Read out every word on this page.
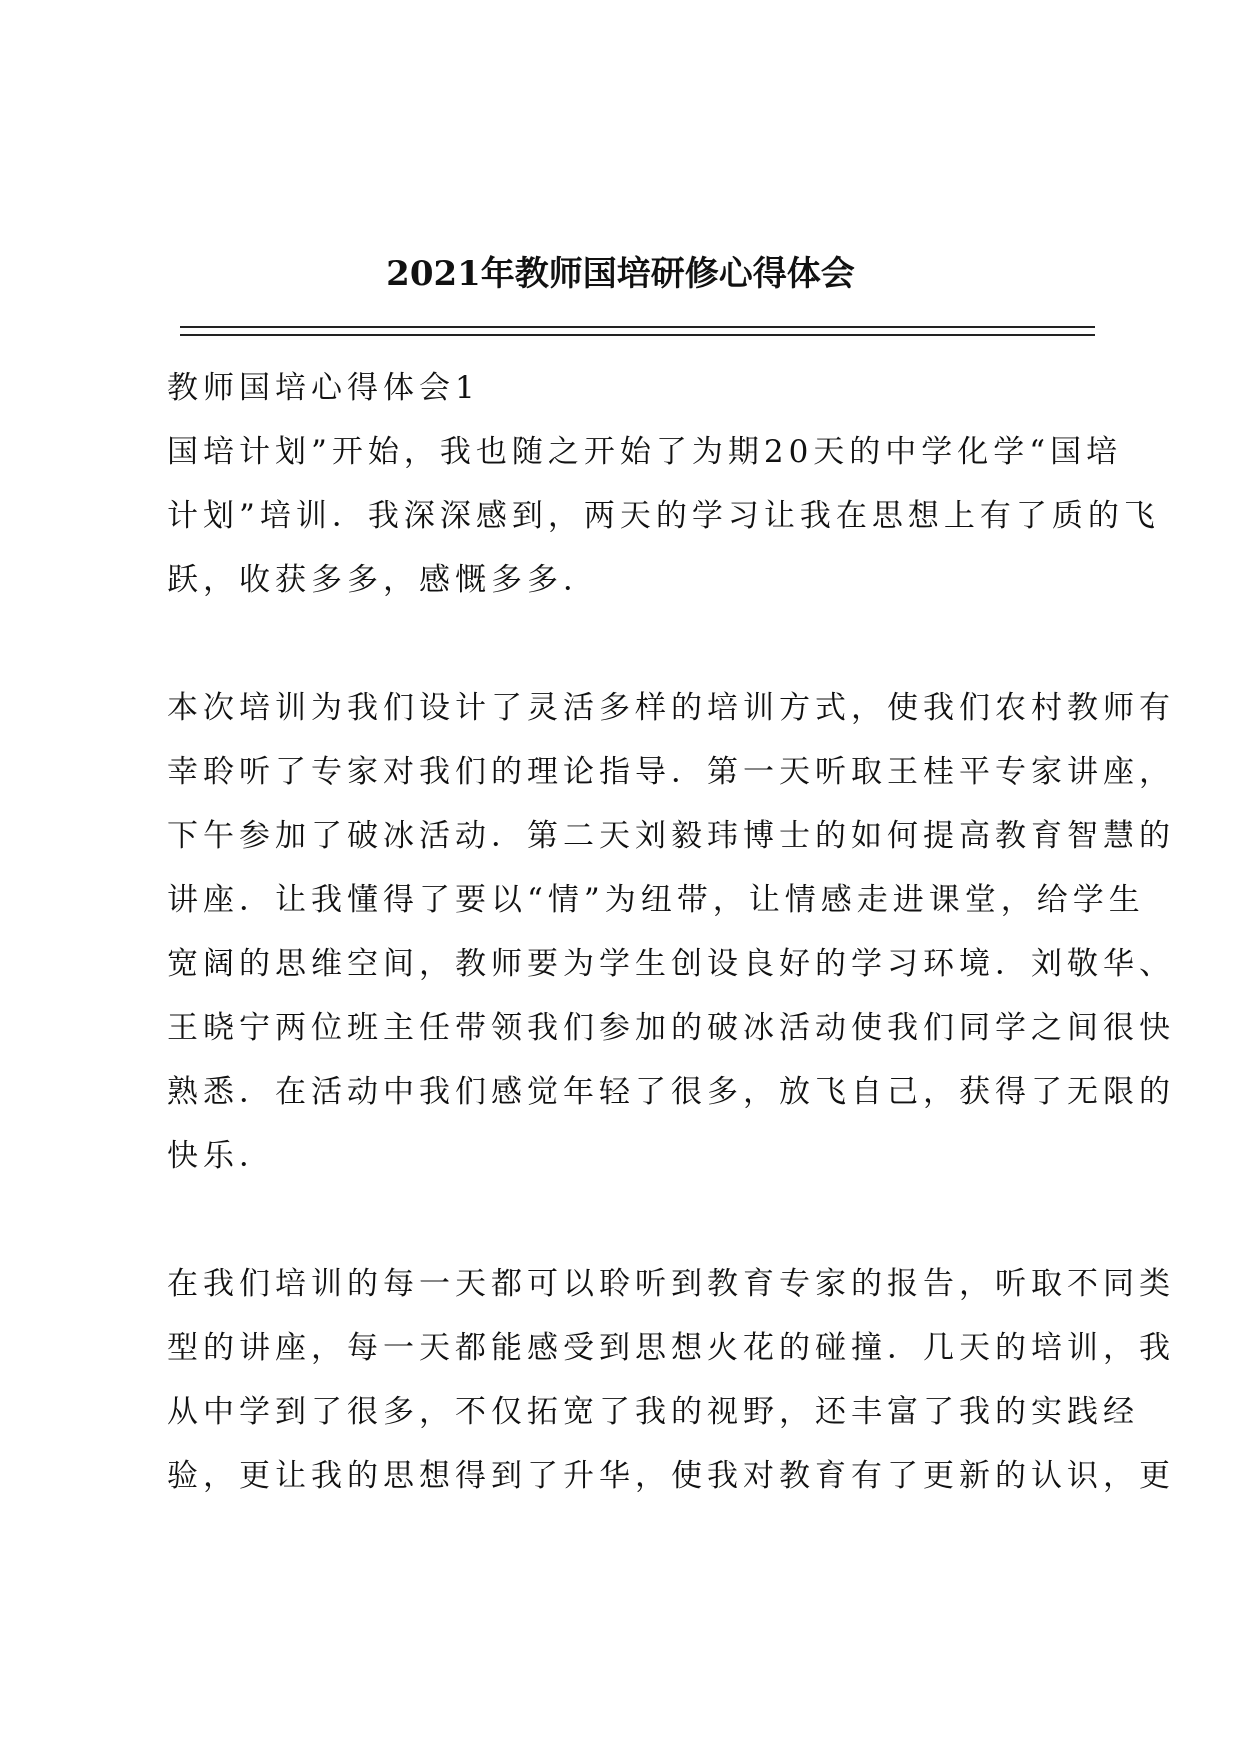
2021年教师国培研修心得体会
教师国培心得体会1
国培计划”开始，我也随之开始了为期20天的中学化学“国培
计划”培训．我深深感到，两天的学习让我在思想上有了质的飞
跃，收获多多，感慨多多．
本次培训为我们设计了灵活多样的培训方式，使我们农村教师有
幸聆听了专家对我们的理论指导．第一天听取王桂平专家讲座，
下午参加了破冰活动．第二天刘毅玮博士的如何提高教育智慧的
讲座．让我懂得了要以“情”为纽带，让情感走进课堂，给学生
宽阔的思维空间，教师要为学生创设良好的学习环境．刘敬华、
王晓宁两位班主任带领我们参加的破冰活动使我们同学之间很快
熟悉．在活动中我们感觉年轻了很多，放飞自己，获得了无限的
快乐．
在我们培训的每一天都可以聆听到教育专家的报告，听取不同类
型的讲座，每一天都能感受到思想火花的碰撞．几天的培训，我
从中学到了很多，不仅拓宽了我的视野，还丰富了我的实践经
验，更让我的思想得到了升华，使我对教育有了更新的认识，更
